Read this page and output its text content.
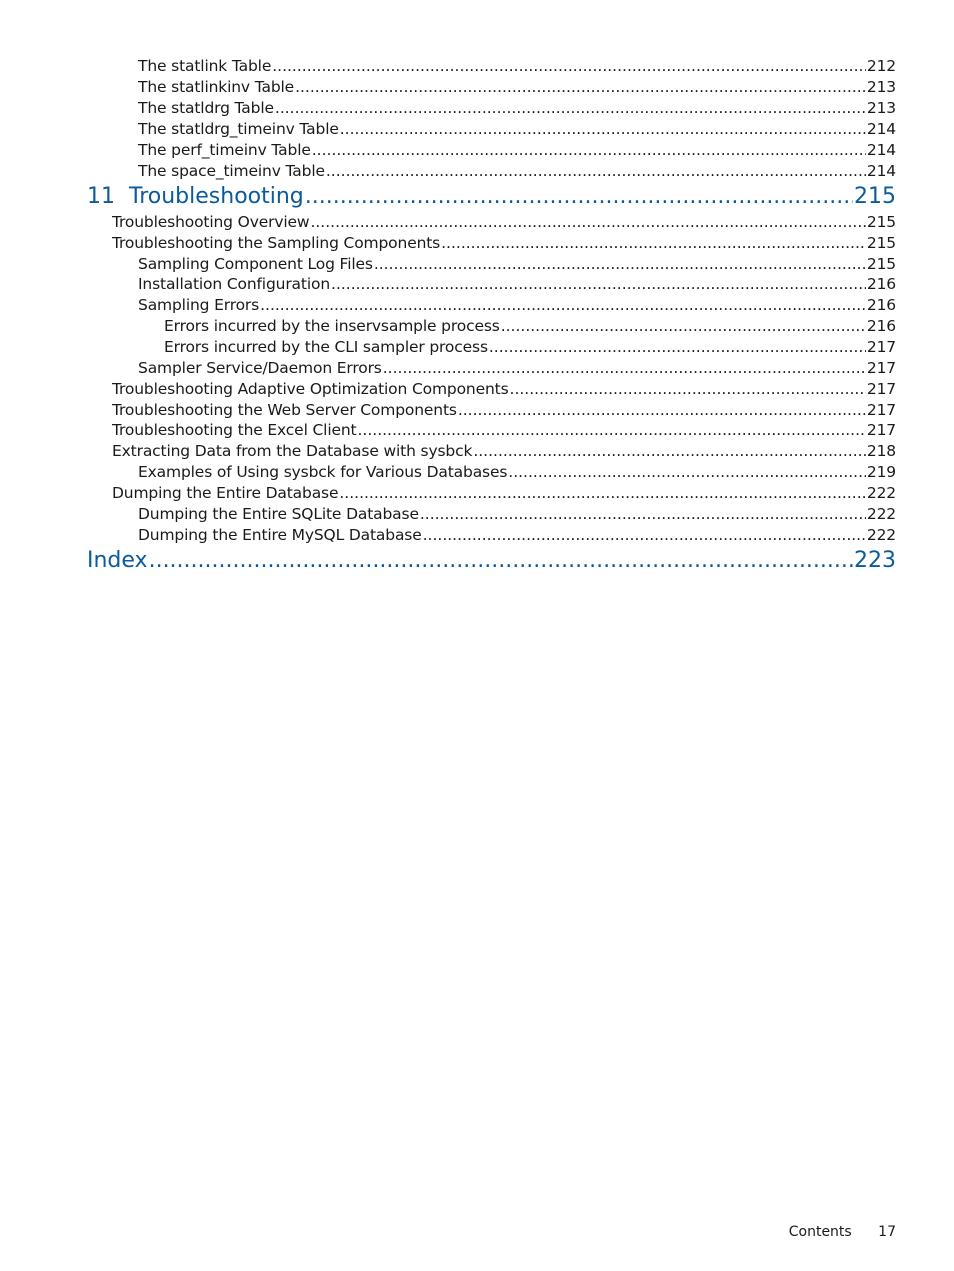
The statlink Table .....	212
The statlinkinv Table .....	213
The statldrg Table .....	213
The statldrg_timeinv Table .....	214
The perf_timeinv Table .....	214
The space_timeinv Table .....	214
11 Troubleshooting .....	215
Troubleshooting Overview .....	215
Troubleshooting the Sampling Components .....	215
Sampling Component Log Files .....	215
Installation Configuration .....	216
Sampling Errors .....	216
Errors incurred by the inservsample process .....	216
Errors incurred by the CLI sampler process .....	217
Sampler Service/Daemon Errors .....	217
Troubleshooting Adaptive Optimization Components .....	217
Troubleshooting the Web Server Components .....	217
Troubleshooting the Excel Client .....	217
Extracting Data from the Database with sysbck .....	218
Examples of Using sysbck for Various Databases .....	219
Dumping the Entire Database .....	222
Dumping the Entire SQLite Database .....	222
Dumping the Entire MySQL Database .....	222
Index .....	223
Contents 17
